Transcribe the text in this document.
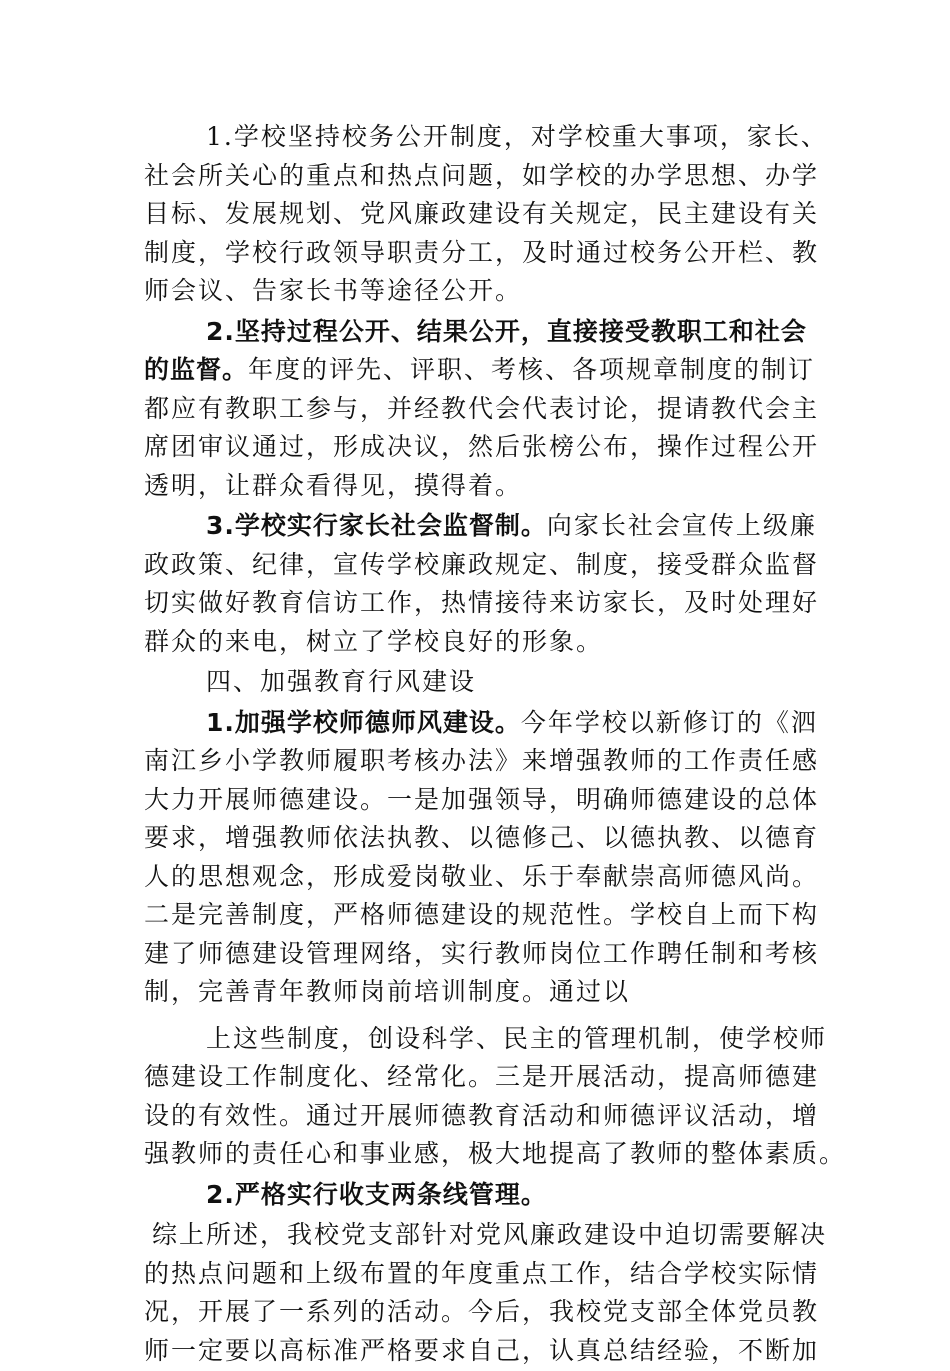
1.学校坚持校务公开制度，对学校重大事项，家长、
社会所关心的重点和热点问题，如学校的办学思想、办学
目标、发展规划、党风廉政建设有关规定，民主建设有关
制度，学校行政领导职责分工，及时通过校务公开栏、教
师会议、告家长书等途径公开。
2.坚持过程公开、结果公开，直接接受教职工和社会
的监督。年度的评先、评职、考核、各项规章制度的制订
都应有教职工参与，并经教代会代表讨论，提请教代会主
席团审议通过，形成决议，然后张榜公布，操作过程公开
透明，让群众看得见，摸得着。
3.学校实行家长社会监督制。向家长社会宣传上级廉
政政策、纪律，宣传学校廉政规定、制度，接受群众监督
切实做好教育信访工作，热情接待来访家长，及时处理好
群众的来电，树立了学校良好的形象。
四、加强教育行风建设
1.加强学校师德师风建设。今年学校以新修订的《泗
南江乡小学教师履职考核办法》来增强教师的工作责任感
大力开展师德建设。一是加强领导，明确师德建设的总体
要求，增强教师依法执教、以德修己、以德执教、以德育
人的思想观念，形成爱岗敬业、乐于奉献崇高师德风尚。
二是完善制度，严格师德建设的规范性。学校自上而下构
建了师德建设管理网络，实行教师岗位工作聘任制和考核
制，完善青年教师岗前培训制度。通过以
上这些制度，创设科学、民主的管理机制，使学校师
德建设工作制度化、经常化。三是开展活动，提高师德建
设的有效性。通过开展师德教育活动和师德评议活动，增
强教师的责任心和事业感，极大地提高了教师的整体素质。
2.严格实行收支两条线管理。
综上所述，我校党支部针对党风廉政建设中迫切需要解决
的热点问题和上级布置的年度重点工作，结合学校实际情
况，开展了一系列的活动。今后，我校党支部全体党员教
师一定要以高标准严格要求自己，认真总结经验，不断加
